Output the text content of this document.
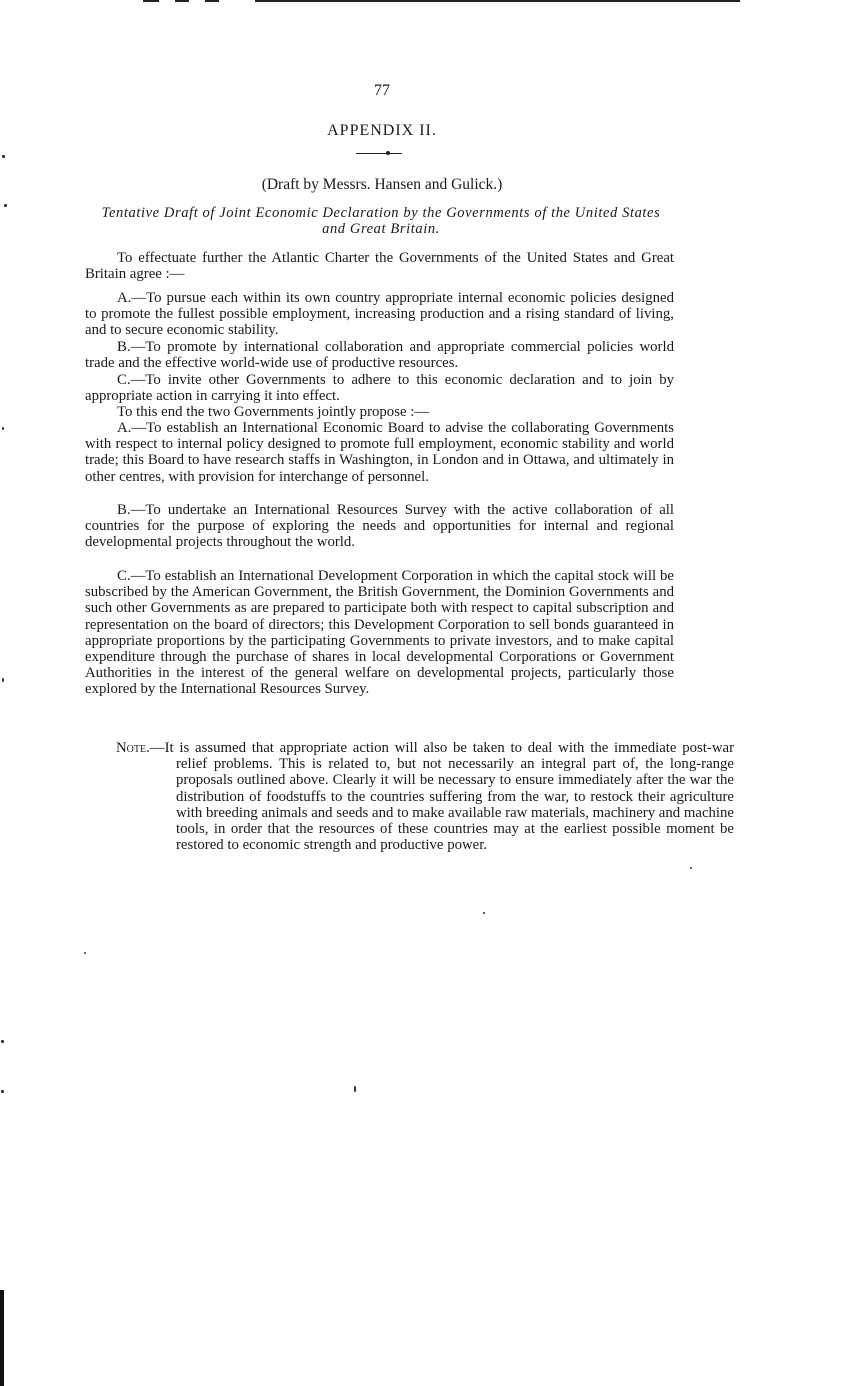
77
APPENDIX II.
(Draft by Messrs. Hansen and Gulick.)
Tentative Draft of Joint Economic Declaration by the Governments of the United States and Great Britain.

To effectuate further the Atlantic Charter the Governments of the United States and Great Britain agree :—

A.—To pursue each within its own country appropriate internal economic policies designed to promote the fullest possible employment, increasing production and a rising standard of living, and to secure economic stability.

B.—To promote by international collaboration and appropriate commercial policies world trade and the effective world-wide use of productive resources.

C.—To invite other Governments to adhere to this economic declaration and to join by appropriate action in carrying it into effect.

To this end the two Governments jointly propose :—

A.—To establish an International Economic Board to advise the collaborating Governments with respect to internal policy designed to promote full employment, economic stability and world trade; this Board to have research staffs in Washington, in London and in Ottawa, and ultimately in other centres, with provision for interchange of personnel.

B.—To undertake an International Resources Survey with the active collaboration of all countries for the purpose of exploring the needs and opportunities for internal and regional developmental projects throughout the world.

C.—To establish an International Development Corporation in which the capital stock will be subscribed by the American Government, the British Government, the Dominion Governments and such other Governments as are prepared to participate both with respect to capital subscription and representation on the board of directors; this Development Corporation to sell bonds guaranteed in appropriate proportions by the participating Governments to private investors, and to make capital expenditure through the purchase of shares in local developmental Corporations or Government Authorities in the interest of the general welfare on developmental projects, particularly those explored by the International Resources Survey.

Note.—It is assumed that appropriate action will also be taken to deal with the immediate post-war relief problems. This is related to, but not necessarily an integral part of, the long-range proposals outlined above. Clearly it will be necessary to ensure immediately after the war the distribution of foodstuffs to the countries suffering from the war, to restock their agriculture with breeding animals and seeds and to make available raw materials, machinery and machine tools, in order that the resources of these countries may at the earliest possible moment be restored to economic strength and productive power.
